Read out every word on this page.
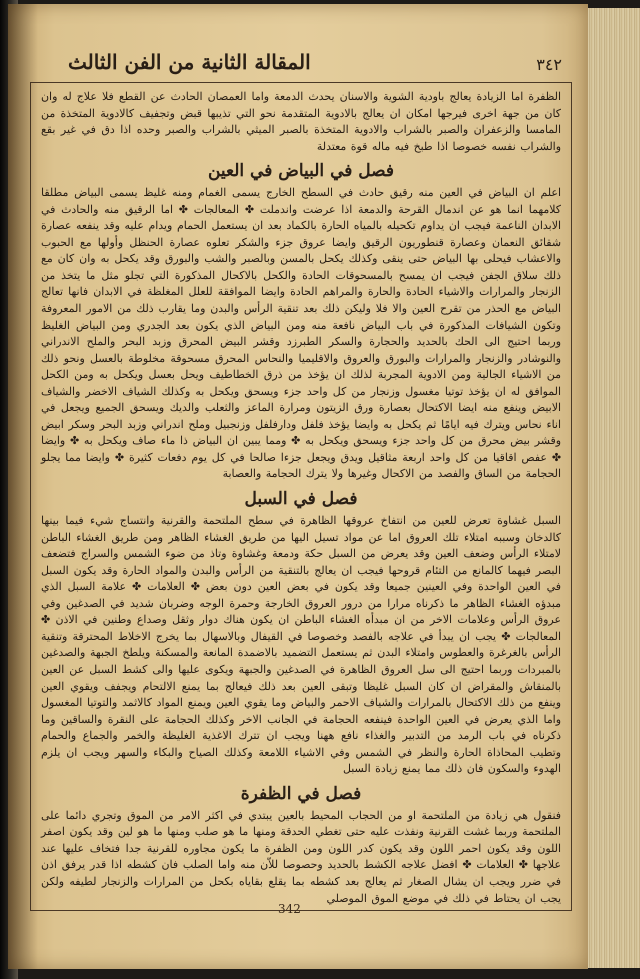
٣٤٢
المقالة الثانية من الفن الثالث

الظفرة اما الزيادة يعالج باودية الشوية والاسنان يحدث الدمعة واما العمصان الحادث عن القطع فلا علاج له وان كان من جهة اخرى فيرجها امكان ان يعالج بالادوية المتقدمة نحو التي تذيبها قبض وتجفيف كالادوية المتخذة من المامسا والزعفران والصبر بالشراب والادوية المتخذة بالصبر الميثي بالشراب والصبر وحده اذا دق في غير بقع والشراب نفسه خصوصا اذا طبخ فيه ماله قوة معتدلة

فصل في البياض في العين

اعلم ان البياض في العين منه رقيق حادث في السطح الخارج يسمى الغمام ومنه غليظ يسمى البياض مطلقا كلامهما انما هو عن اندمال القرحة والدمعة اذا عرضت واندملت ✤ المعالجات ✤ اما الرقيق منه والحادث في الابدان الناعمة فيجب ان يداوم تكحيله بالمياه الحارة بالكماد بعد ان يستعمل الحمام ويدام عليه وقد ينفعه عصارة شقائق النعمان وعصارة قنطوريون الرقيق وايضا عروق جزء والشكر تعلوه عصارة الحنظل وأولها مع الحبوب والاعشاب فيحلى بها البياض حتى ينقى وكذلك يكحل بالمسن وبالصبر والشب والبورق وقد يكحل به وان كان مع ذلك سلاق الجفن فيجب ان يمسح بالمسحوقات الحادة والكحل بالاكحال المذكورة التي تجلو مثل ما يتخذ من الزنجار والمرارات والاشياء الحادة والحارة والمراهم الحادة وايضا الموافقة للعلل المغلظة في الابدان فانها تعالج البياض مع الحذر من تقرح العين والا فلا وليكن ذلك بعد تنقية الرأس والبدن وما يقارب ذلك من الامور المعروفة وتكون الشيافات المذكورة في باب البياض نافعة منه ومن البياض الذي يكون بعد الجدري ومن البياض الغليظ وربما احتيج الى الحك بالحديد والحجارة والسكر الطبرزد وقشر البيض المحرق وزبد البحر والملح الاندراني والنوشادر والزنجار والمرارات والبورق والعروق والاقليميا والنحاس المحرق مسحوقة مخلوطة بالعسل ونحو ذلك من الاشياء الجالية ومن الادوية المجربة لذلك ان يؤخذ من ذرق الخطاطيف ويحل بعسل ويكحل به ومن الكحل الموافق له ان يؤخذ توتيا مغسول وزنجار من كل واحد جزء ويسحق ويكحل به وكذلك الشياف الاخضر والشياف الابيض وينفع منه ايضا الاكتحال بعصارة ورق الزيتون ومرارة الماعز والثعلب والديك ويسحق الجميع ويجعل في اناء نحاس ويترك فيه ايامًا ثم يكحل به وايضا يؤخذ فلفل ودارفلفل وزنجبيل وملح اندراني وزبد البحر وسكر ابيض وقشر بيض محرق من كل واحد جزء ويسحق ويكحل به ✤ ومما يبين ان البياض ذا ماء صاف ويكحل به ✤ وايضا ✤ عفص اقاقيا من كل واحد اربعة مثاقيل ويدق ويجعل جزءا صالحا في كل يوم دفعات كثيرة ✤ وايضا مما يجلو الحجامة من الساق والفصد من الاكحال وغيرها ولا يترك الحجامة والعصابة

فصل في السبل

السبل غشاوة تعرض للعين من انتفاخ عروقها الظاهرة في سطح الملتحمة والقرنية وانتساج شيء فيما بينها كالدخان وسببه امتلاء تلك العروق اما عن مواد تسيل اليها من طريق الغشاء الظاهر ومن طريق الغشاء الباطن لامتلاء الرأس وضعف العين وقد يعرض من السبل حكة ودمعة وغشاوة وتاذ من ضوء الشمس والسراج فتضعف البصر فيهما كالمانع من التئام قروحها فيجب ان يعالج بالتنقية من الرأس والبدن والمواد الحارة وقد يكون السبل في العين الواحدة وفي العينين جميعا وقد يكون في بعض العين دون بعض ✤ العلامات ✤ علامة السبل الذي مبدؤه الغشاء الظاهر ما ذكرناه مرارا من درور العروق الخارجة وحمرة الوجه وضربان شديد في الصدغين وفي عروق الرأس وعلامات الاخر من ان مبدأه الغشاء الباطن ان يكون هناك دوار وثقل وصداع وطنين في الاذن ✤ المعالجات ✤ يجب ان يبدأ في علاجه بالفصد وخصوصا في القيفال وبالاسهال بما يخرج الاخلاط المحترقة وتنقية الرأس بالغرغرة والعطوس وامتلاء البدن ثم يستعمل التضميد بالاضمدة المانعة والمسكنة ويلطخ الجبهة والصدغين بالمبردات وربما احتيج الى سل العروق الظاهرة في الصدغين والجبهة ويكوى عليها والى كشط السبل عن العين بالمنقاش والمقراض ان كان السبل غليظا وتبقى العين بعد ذلك فيعالج بما يمنع الالتحام ويجفف ويقوي العين وينفع من ذلك الاكتحال بالمرارات والشياف الاحمر والبياض وما يقوي العين ويمنع المواد كالاثمد والتوتيا المغسول واما الذي يعرض في العين الواحدة فينفعه الحجامة في الجانب الاخر وكذلك الحجامة على النقرة والساقين وما ذكرناه في باب الرمد من التدبير والغذاء نافع ههنا ويجب ان تترك الاغذية الغليظة والخمر والجماع والحمام وتطيب المحاذاة الحارة والنظر في الشمس وفي الاشياء اللامعة وكذلك الصياح والبكاء والسهر ويجب ان يلزم الهدوء والسكون فان ذلك مما يمنع زيادة السبل

فصل في الظفرة

فنقول هي زيادة من الملتحمة او من الحجاب المحيط بالعين يبتدي في اكثر الامر من الموق وتجري دائما على الملتحمة وربما غشت القرنية ونفذت عليه حتى تغطي الحدقة ومنها ما هو صلب ومنها ما هو لين وقد يكون اصفر اللون وقد يكون احمر اللون وقد يكون كدر اللون ومن الظفرة ما يكون مجاوره للقرنية جدا فتخاف عليها عند علاجها ✤ العلامات ✤ افضل علاجه الكشط بالحديد وحصوصا للاّن منه واما الصلب فان كشطه اذا قدر يرفق اذن في ضرر ويجب ان يشال الصغار ثم يعالج بعد كشطه بما يقلع بقاياه بكحل من المرارات والزنجار لطيفه ولكن يجب ان يحتاط في ذلك في موضع الموق الموصلي

342
